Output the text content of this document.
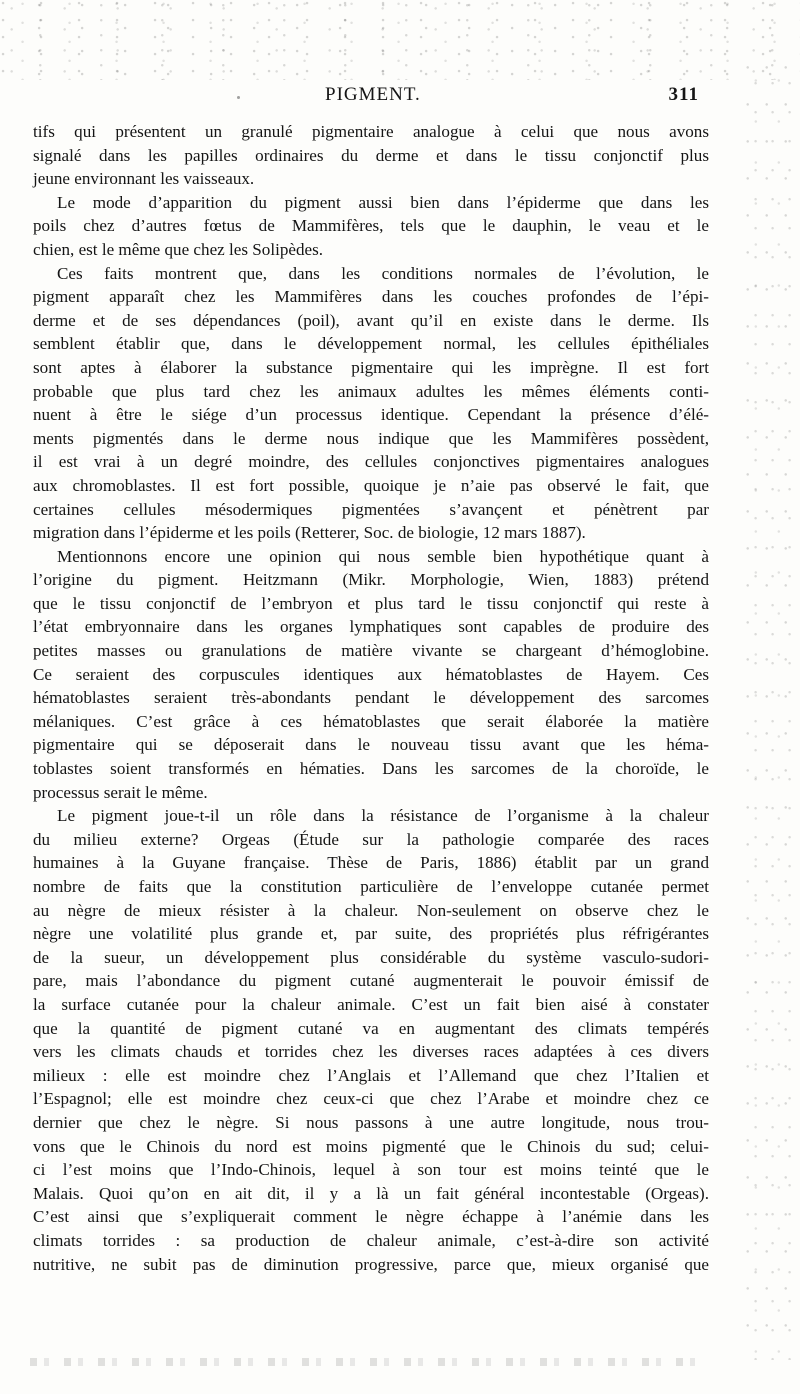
PIGMENT.	311
tifs qui présentent un granulé pigmentaire analogue à celui que nous avons
signalé dans les papilles ordinaires du derme et dans le tissu conjonctif plus
jeune environnant les vaisseaux.
Le mode d’apparition du pigment aussi bien dans l’épiderme que dans les
poils chez d’autres fœtus de Mammifères, tels que le dauphin, le veau et le
chien, est le même que chez les Solipèdes.
Ces faits montrent que, dans les conditions normales de l’évolution, le
pigment apparaît chez les Mammifères dans les couches profondes de l’épi-
derme et de ses dépendances (poil), avant qu’il en existe dans le derme. Ils
semblent établir que, dans le développement normal, les cellules épithéliales
sont aptes à élaborer la substance pigmentaire qui les imprègne. Il est fort
probable que plus tard chez les animaux adultes les mêmes éléments conti-
nuent à être le siége d’un processus identique. Cependant la présence d’élé-
ments pigmentés dans le derme nous indique que les Mammifères possèdent,
il est vrai à un degré moindre, des cellules conjonctives pigmentaires analogues
aux chromoblastes. Il est fort possible, quoique je n’aie pas observé le fait, que
certaines cellules mésodermiques pigmentées s’avançent et pénètrent par
migration dans l’épiderme et les poils (Retterer, Soc. de biologie, 12 mars 1887).
Mentionnons encore une opinion qui nous semble bien hypothétique quant à
l’origine du pigment. Heitzmann (Mikr. Morphologie, Wien, 1883) prétend
que le tissu conjonctif de l’embryon et plus tard le tissu conjonctif qui reste à
l’état embryonnaire dans les organes lymphatiques sont capables de produire des
petites masses ou granulations de matière vivante se chargeant d’hémoglobine.
Ce seraient des corpuscules identiques aux hématoblastes de Hayem. Ces
hématoblastes seraient très-abondants pendant le développement des sarcomes
mélaniques. C’est grâce à ces hématoblastes que serait élaborée la matière
pigmentaire qui se déposerait dans le nouveau tissu avant que les héma-
toblastes soient transformés en hématies. Dans les sarcomes de la choroïde, le
processus serait le même.
Le pigment joue-t-il un rôle dans la résistance de l’organisme à la chaleur
du milieu externe? Orgeas (Étude sur la pathologie comparée des races
humaines à la Guyane française. Thèse de Paris, 1886) établit par un grand
nombre de faits que la constitution particulière de l’enveloppe cutanée permet
au nègre de mieux résister à la chaleur. Non-seulement on observe chez le
nègre une volatilité plus grande et, par suite, des propriétés plus réfrigérantes
de la sueur, un développement plus considérable du système vasculo-sudori-
pare, mais l’abondance du pigment cutané augmenterait le pouvoir émissif de
la surface cutanée pour la chaleur animale. C’est un fait bien aisé à constater
que la quantité de pigment cutané va en augmentant des climats tempérés
vers les climats chauds et torrides chez les diverses races adaptées à ces divers
milieux : elle est moindre chez l’Anglais et l’Allemand que chez l’Italien et
l’Espagnol; elle est moindre chez ceux-ci que chez l’Arabe et moindre chez ce
dernier que chez le nègre. Si nous passons à une autre longitude, nous trou-
vons que le Chinois du nord est moins pigmenté que le Chinois du sud; celui-
ci l’est moins que l’Indo-Chinois, lequel à son tour est moins teinté que le
Malais. Quoi qu’on en ait dit, il y a là un fait général incontestable (Orgeas).
C’est ainsi que s’expliquerait comment le nègre échappe à l’anémie dans les
climats torrides : sa production de chaleur animale, c’est-à-dire son activité
nutritive, ne subit pas de diminution progressive, parce que, mieux organisé que
